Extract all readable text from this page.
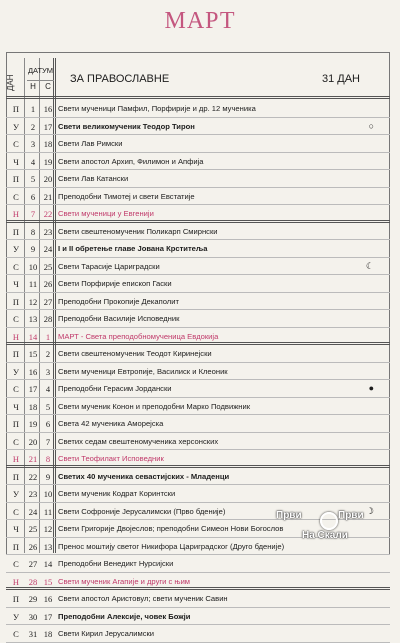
МАРТ
ДАН
ДАТУМ
Н	С
ЗА ПРАВОСЛАВНЕ	31 ДАН
П	1	16 Свети мученици Памфил, Порфирије и др. 12 мученика
У	2	17 Свети великомученик Теодор Тирон	○
С	3	18 Свети Лав Римски
Ч	4	19 Свети апостол Архип, Филимон и Апфија
П	5	20 Свети Лав Катански
С	6	21 Преподобни Тимотеј и свети Евстатије
Н	7	22 Свети мученици у Евгенији
П	8	23 Свети свештеномученик Поликарп Смирнски
У	9	24 I и II обретење главе Јована Крститеља
С	10 25 Свети Тарасије Цариградски	☾
Ч	11 26 Свети Порфирије епископ Гаски
П	12 27 Преподобни Прокопије Декаполит
С	13 28 Преподобни Василије Исповедник
Н	14	1	МАРТ - Света преподобномученица Евдокија
П	15	2	Свети свештеномученик Теодот Киринејски
У	16	3	Свети мученици Евтропије, Василиск и Клеоник
С	17	4	Преподобни Герасим Јордански	●
Ч	18	5	Свети мученик Конон и преподобни Марко Подвижник
П	19	6	Света 42 мученика Аморејска
С	20	7	Светих седам свештеномученика херсонских
Н	21	8	Свети Теофилакт Исповедник
П	22	9	Светих 40 мученика севастијских - Младенци
У	23 10 Свети мученик Кодрат Коринтски
С	24 11 Свети Софроније Јерусалимски (Прво бденије)	☽
Ч	25 12 Свети Григорије Двојеслов; преподобни Симеон Нови Богослов
П	26 13 Пренос моштију светог Никифора Цариградског (Друго бденије)
С	27 14 Преподобни Венедикт Нурсијски
Н	28 15 Свети мученик Агапије и други с њим
П	29 16 Свети апостол Аристовул; свети мученик Савин
У	30 17 Преподобни Алексије, човек Божји
С	31 18 Свети Кирил Јерусалимски
Први	Први
На Скали
